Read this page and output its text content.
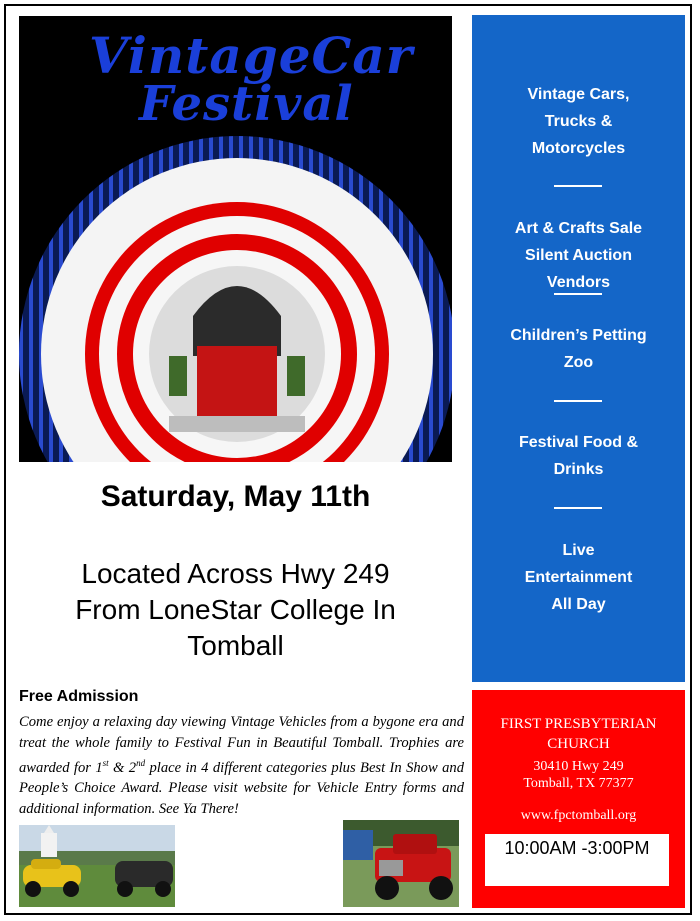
VintageCar
Festival
Saturday, May 11th
Located Across Hwy 249
From LoneStar College In
Tomball
Free Admission
Come enjoy a relaxing day viewing Vintage Vehicles from a bygone era and treat the whole family to Festival Fun in Beautiful Tomball. Trophies are awarded for 1st & 2nd place in 4 different categories plus Best In Show and People’s Choice Award. Please visit website for Vehicle Entry forms and additional information. See Ya There!
Vintage Cars,
Trucks &
Motorcycles
Art & Crafts Sale
Silent Auction
Vendors
Children’s Petting
Zoo
Festival Food &
Drinks
Live
Entertainment
All Day
FIRST PRESBYTERIAN
CHURCH
30410 Hwy 249
Tomball, TX 77377
www.fpctomball.org
10:00AM -3:00PM
